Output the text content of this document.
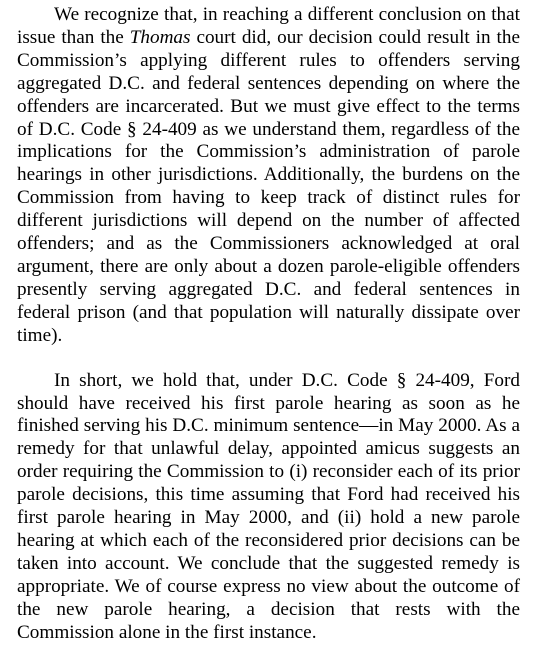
We recognize that, in reaching a different conclusion on that issue than the Thomas court did, our decision could result in the Commission’s applying different rules to offenders serving aggregated D.C. and federal sentences depending on where the offenders are incarcerated. But we must give effect to the terms of D.C. Code § 24-409 as we understand them, regardless of the implications for the Commission’s administration of parole hearings in other jurisdictions. Additionally, the burdens on the Commission from having to keep track of distinct rules for different jurisdictions will depend on the number of affected offenders; and as the Commissioners acknowledged at oral argument, there are only about a dozen parole-eligible offenders presently serving aggregated D.C. and federal sentences in federal prison (and that population will naturally dissipate over time).

In short, we hold that, under D.C. Code § 24-409, Ford should have received his first parole hearing as soon as he finished serving his D.C. minimum sentence—in May 2000. As a remedy for that unlawful delay, appointed amicus suggests an order requiring the Commission to (i) reconsider each of its prior parole decisions, this time assuming that Ford had received his first parole hearing in May 2000, and (ii) hold a new parole hearing at which each of the reconsidered prior decisions can be taken into account. We conclude that the suggested remedy is appropriate. We of course express no view about the outcome of the new parole hearing, a decision that rests with the Commission alone in the first instance.
